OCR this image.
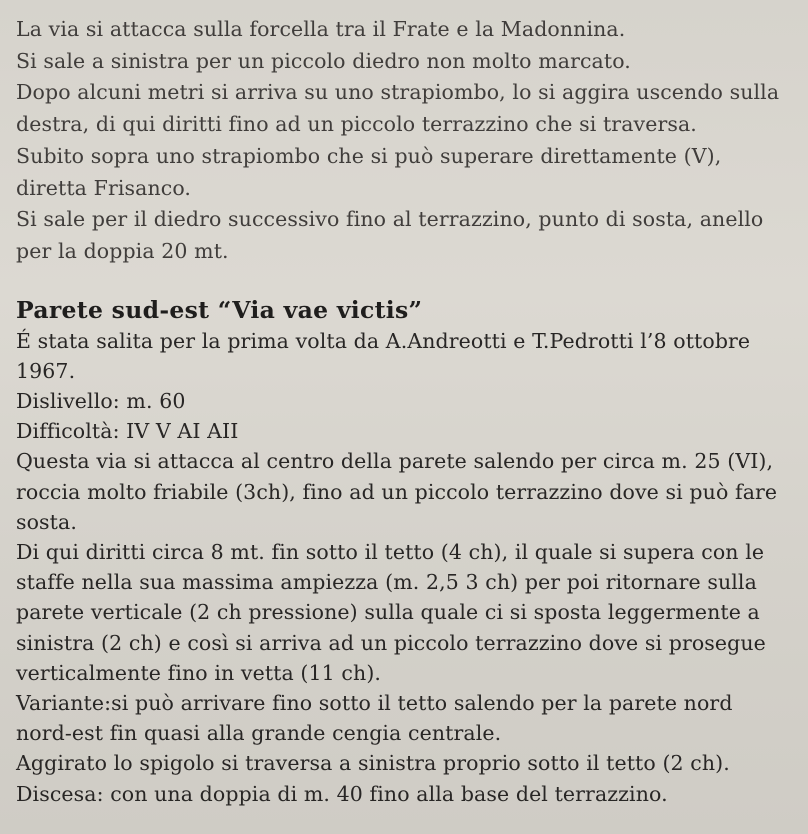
La via si attacca sulla forcella tra il Frate e la Madonnina.

Si sale a sinistra per un piccolo diedro non molto marcato.

Dopo alcuni metri si arriva su uno strapiombo, lo si aggira uscendo sulla

destra, di qui diritti fino ad un piccolo terrazzino che si traversa.

Subito sopra uno strapiombo che si può superare direttamente (V),

diretta Frisanco.

Si sale per il diedro successivo fino al terrazzino, punto di sosta, anello

per la doppia 20 mt.

Parete sud-est “Via vae victis”

É stata salita per la prima volta da A.Andreotti e T.Pedrotti l’8 ottobre

1967.

Dislivello: m. 60

Difficoltà: IV V AI AII

Questa via si attacca al centro della parete salendo per circa m. 25 (VI),

roccia molto friabile (3ch), fino ad un piccolo terrazzino dove si può fare

sosta.

Di qui diritti circa 8 mt. fin sotto il tetto (4 ch), il quale si supera con le

staffe nella sua massima ampiezza (m. 2,5 3 ch) per poi ritornare sulla

parete verticale (2 ch pressione) sulla quale ci si sposta leggermente a

sinistra (2 ch) e così si arriva ad un piccolo terrazzino dove si prosegue

verticalmente fino in vetta (11 ch).

Variante:si può arrivare fino sotto il tetto salendo per la parete nord

nord-est fin quasi alla grande cengia centrale.

Aggirato lo spigolo si traversa a sinistra proprio sotto il tetto (2 ch).

Discesa: con una doppia di m. 40 fino alla base del terrazzino.
